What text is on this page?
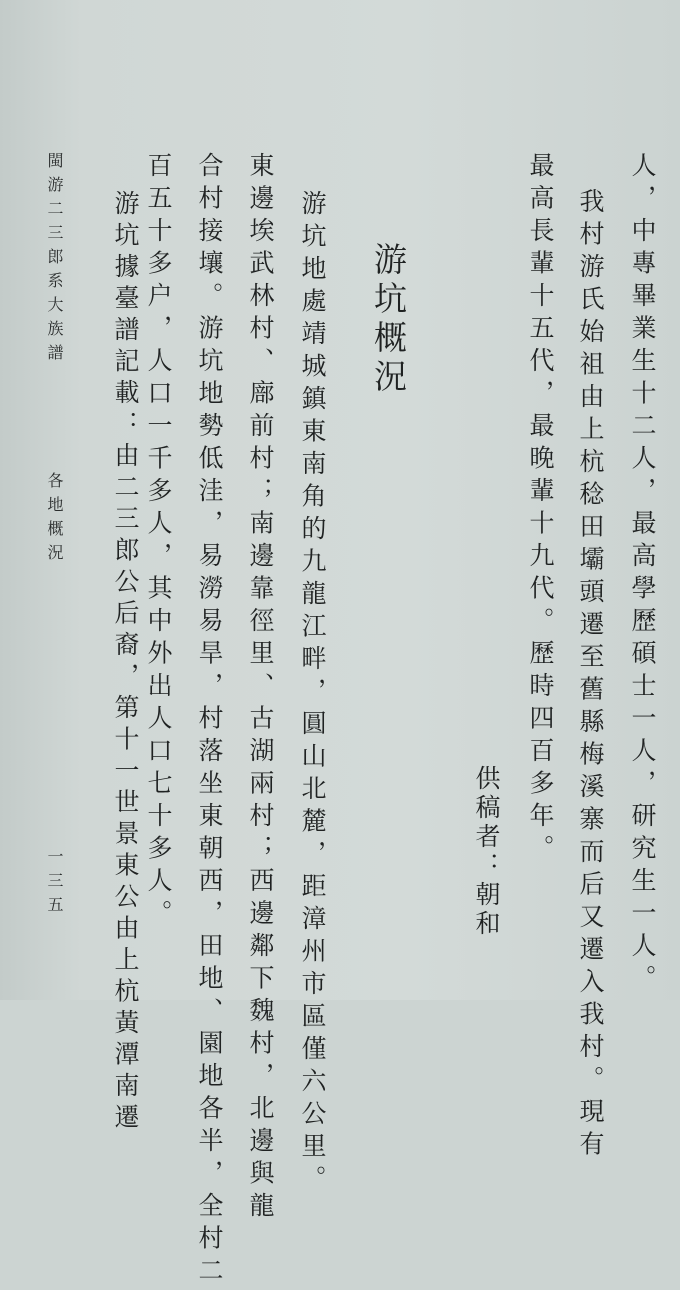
人，中專畢業生十二人，最高學歷碩士一人，研究生一人。
我村游氏始祖由上杭稔田壩頭遷至舊縣梅溪寨而后又遷入我村。現有
最高長輩十五代，最晚輩十九代。歷時四百多年。
供稿者：朝和
游坑概況
游坑地處靖城鎮東南角的九龍江畔，圓山北麓，距漳州市區僅六公里。
東邊埃武林村、廍前村；南邊靠徑里、古湖兩村；西邊鄰下魏村，北邊與龍
合村接壤。游坑地勢低洼，易澇易旱，村落坐東朝西，田地、園地各半，全村二
百五十多户，人口一千多人，其中外出人口七十多人。
游坑據臺譜記載：由二三郎公后裔，第十一世景東公由上杭黃潭南遷
閩游二三郎系大族譜
各地概況
一三五
